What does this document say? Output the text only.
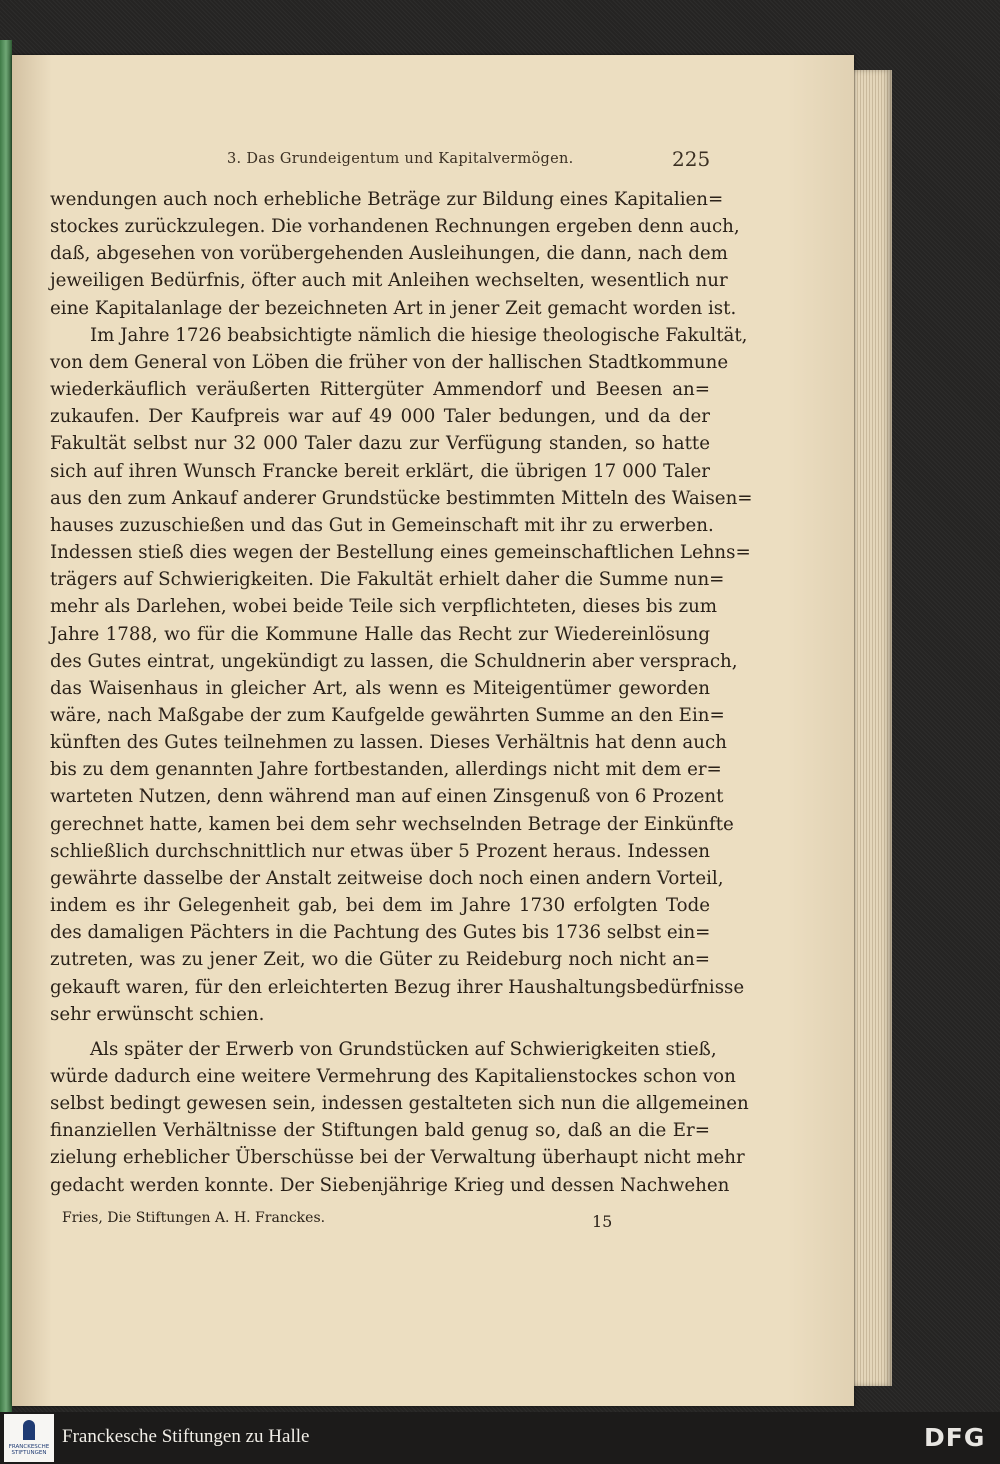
3. Das Grundeigentum und Kapitalvermögen.	225
wendungen auch noch erhebliche Beträge zur Bildung eines Kapitalien=
stockes zurückzulegen. Die vorhandenen Rechnungen ergeben denn auch,
daß, abgesehen von vorübergehenden Ausleihungen, die dann, nach dem
jeweiligen Bedürfnis, öfter auch mit Anleihen wechselten, wesentlich nur
eine Kapitalanlage der bezeichneten Art in jener Zeit gemacht worden ist.
Im Jahre 1726 beabsichtigte nämlich die hiesige theologische Fakultät,
von dem General von Löben die früher von der hallischen Stadtkommune
wiederkäuflich veräußerten Rittergüter Ammendorf und Beesen an=
zukaufen. Der Kaufpreis war auf 49 000 Taler bedungen, und da der
Fakultät selbst nur 32 000 Taler dazu zur Verfügung standen, so hatte
sich auf ihren Wunsch Francke bereit erklärt, die übrigen 17 000 Taler
aus den zum Ankauf anderer Grundstücke bestimmten Mitteln des Waisen=
hauses zuzuschießen und das Gut in Gemeinschaft mit ihr zu erwerben.
Indessen stieß dies wegen der Bestellung eines gemeinschaftlichen Lehns=
trägers auf Schwierigkeiten. Die Fakultät erhielt daher die Summe nun=
mehr als Darlehen, wobei beide Teile sich verpflichteten, dieses bis zum
Jahre 1788, wo für die Kommune Halle das Recht zur Wiedereinlösung
des Gutes eintrat, ungekündigt zu lassen, die Schuldnerin aber versprach,
das Waisenhaus in gleicher Art, als wenn es Miteigentümer geworden
wäre, nach Maßgabe der zum Kaufgelde gewährten Summe an den Ein=
künften des Gutes teilnehmen zu lassen. Dieses Verhältnis hat denn auch
bis zu dem genannten Jahre fortbestanden, allerdings nicht mit dem er=
warteten Nutzen, denn während man auf einen Zinsgenuß von 6 Prozent
gerechnet hatte, kamen bei dem sehr wechselnden Betrage der Einkünfte
schließlich durchschnittlich nur etwas über 5 Prozent heraus. Indessen
gewährte dasselbe der Anstalt zeitweise doch noch einen andern Vorteil,
indem es ihr Gelegenheit gab, bei dem im Jahre 1730 erfolgten Tode
des damaligen Pächters in die Pachtung des Gutes bis 1736 selbst ein=
zutreten, was zu jener Zeit, wo die Güter zu Reideburg noch nicht an=
gekauft waren, für den erleichterten Bezug ihrer Haushaltungsbedürfnisse
sehr erwünscht schien.
Als später der Erwerb von Grundstücken auf Schwierigkeiten stieß,
würde dadurch eine weitere Vermehrung des Kapitalienstockes schon von
selbst bedingt gewesen sein, indessen gestalteten sich nun die allgemeinen
finanziellen Verhältnisse der Stiftungen bald genug so, daß an die Er=
zielung erheblicher Überschüsse bei der Verwaltung überhaupt nicht mehr
gedacht werden konnte. Der Siebenjährige Krieg und dessen Nachwehen
Fries, Die Stiftungen A. H. Franckes.	15
FRANCKESCHE
STIFTUNGEN
Franckesche Stiftungen zu Halle	DFG
